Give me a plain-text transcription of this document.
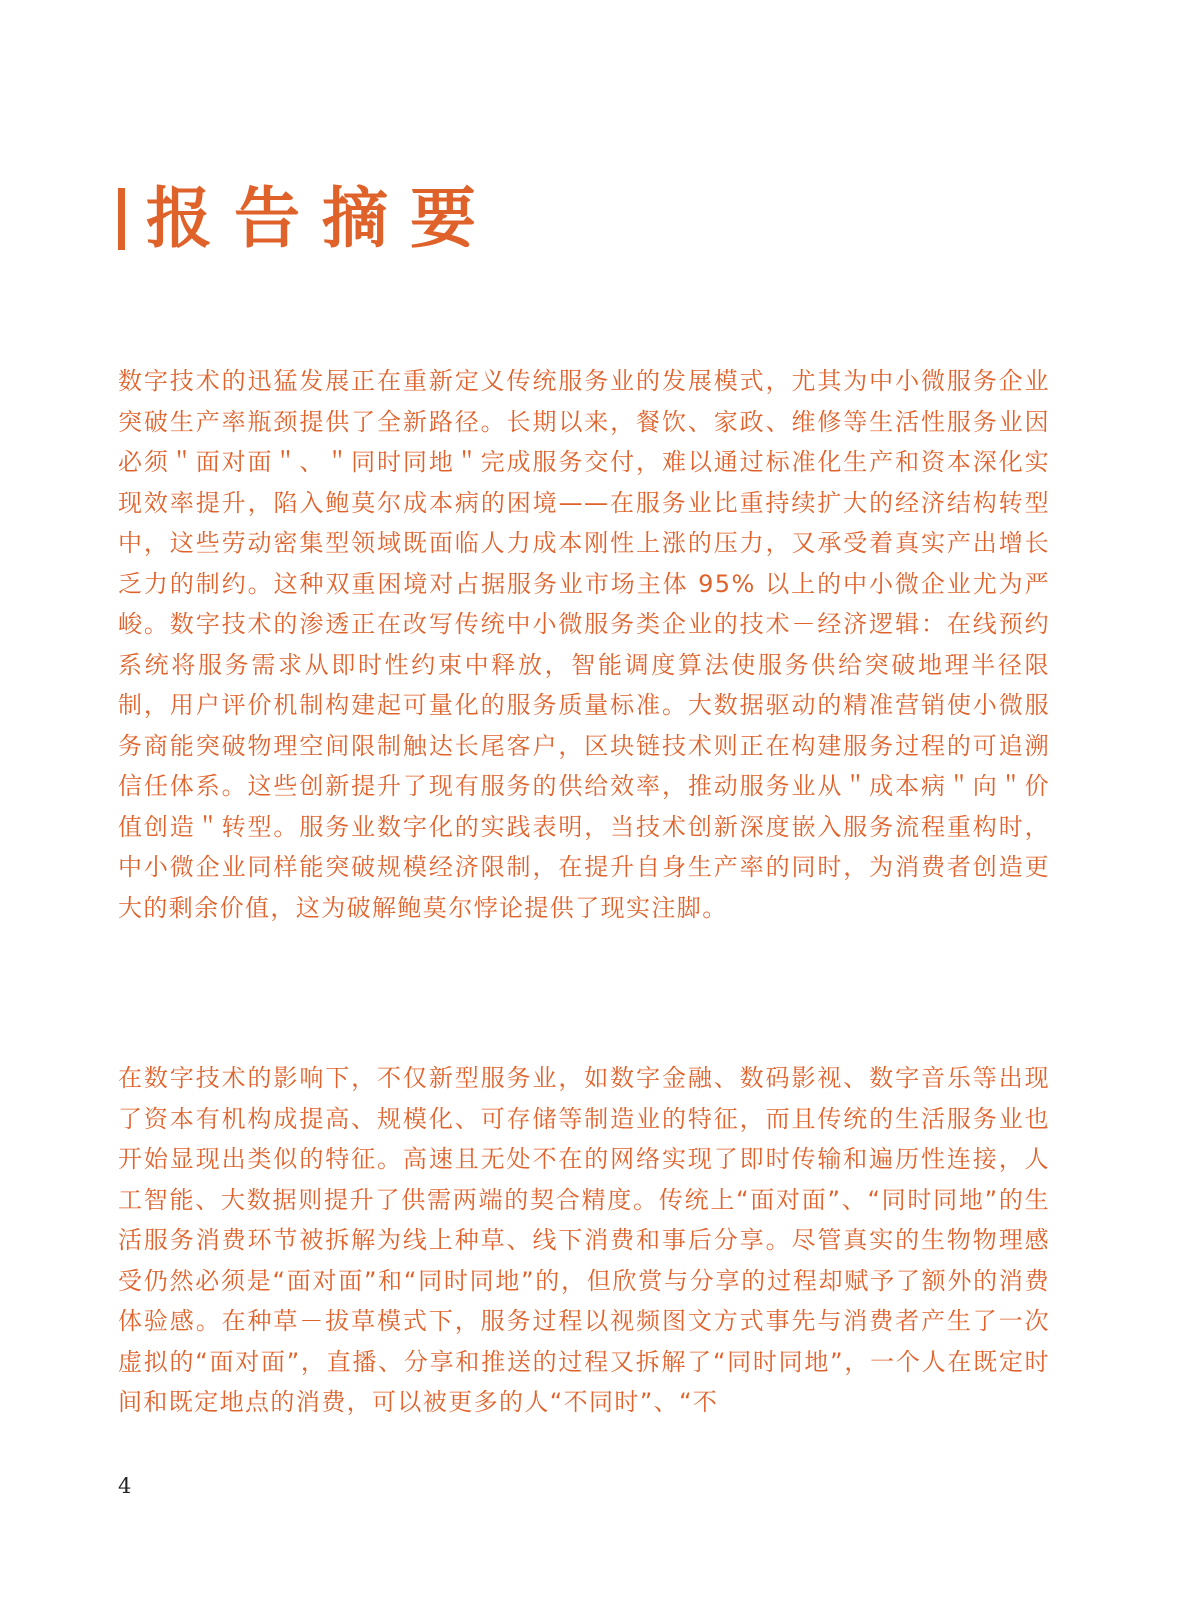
报告摘要

数字技术的迅猛发展正在重新定义传统服务业的发展模式，尤其为中小微服务企业突破生产率瓶颈提供了全新路径。长期以来，餐饮、家政、维修等生活性服务业因必须＂面对面＂、＂同时同地＂完成服务交付，难以通过标准化生产和资本深化实现效率提升，陷入鲍莫尔成本病的困境——在服务业比重持续扩大的经济结构转型中，这些劳动密集型领域既面临人力成本刚性上涨的压力，又承受着真实产出增长乏力的制约。这种双重困境对占据服务业市场主体 95% 以上的中小微企业尤为严峻。数字技术的渗透正在改写传统中小微服务类企业的技术－经济逻辑：在线预约系统将服务需求从即时性约束中释放，智能调度算法使服务供给突破地理半径限制，用户评价机制构建起可量化的服务质量标准。大数据驱动的精准营销使小微服务商能突破物理空间限制触达长尾客户，区块链技术则正在构建服务过程的可追溯信任体系。这些创新提升了现有服务的供给效率，推动服务业从＂成本病＂向＂价值创造＂转型。服务业数字化的实践表明，当技术创新深度嵌入服务流程重构时，中小微企业同样能突破规模经济限制，在提升自身生产率的同时，为消费者创造更大的剩余价值，这为破解鲍莫尔悖论提供了现实注脚。

在数字技术的影响下，不仅新型服务业，如数字金融、数码影视、数字音乐等出现了资本有机构成提高、规模化、可存储等制造业的特征，而且传统的生活服务业也开始显现出类似的特征。高速且无处不在的网络实现了即时传输和遍历性连接，人工智能、大数据则提升了供需两端的契合精度。传统上“面对面”、“同时同地”的生活服务消费环节被拆解为线上种草、线下消费和事后分享。尽管真实的生物物理感受仍然必须是“面对面”和“同时同地”的，但欣赏与分享的过程却赋予了额外的消费体验感。在种草－拔草模式下，服务过程以视频图文方式事先与消费者产生了一次虚拟的“面对面”，直播、分享和推送的过程又拆解了“同时同地”，一个人在既定时间和既定地点的消费，可以被更多的人“不同时”、“不

4
